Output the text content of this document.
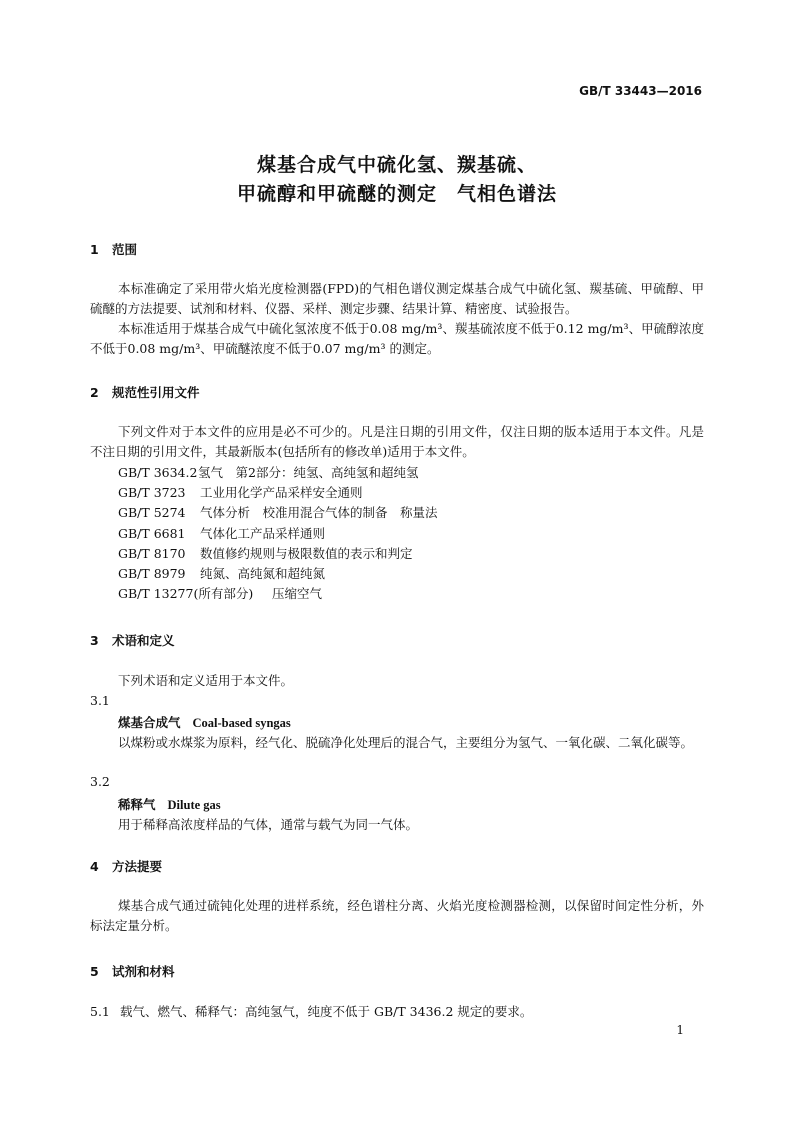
GB/T 33443—2016
煤基合成气中硫化氢、羰基硫、
甲硫醇和甲硫醚的测定　气相色谱法
1 范围

本标准确定了采用带火焰光度检测器(FPD)的气相色谱仪测定煤基合成气中硫化氢、羰基硫、甲硫醇、甲硫醚的方法提要、试剂和材料、仪器、采样、测定步骤、结果计算、精密度、试验报告。

本标准适用于煤基合成气中硫化氢浓度不低于0.08 mg/m³、羰基硫浓度不低于0.12 mg/m³、甲硫醇浓度不低于0.08 mg/m³、甲硫醚浓度不低于0.07 mg/m³ 的测定。

2 规范性引用文件

下列文件对于本文件的应用是必不可少的。凡是注日期的引用文件，仅注日期的版本适用于本文件。凡是不注日期的引用文件，其最新版本(包括所有的修改单)适用于本文件。

GB/T 3634.2氢气　第2部分：纯氢、高纯氢和超纯氢
GB/T 3723 工业用化学产品采样安全通则
GB/T 5274 气体分析　校准用混合气体的制备　称量法
GB/T 6681 气体化工产品采样通则
GB/T 8170 数值修约规则与极限数值的表示和判定
GB/T 8979 纯氮、高纯氮和超纯氮
GB/T 13277(所有部分) 压缩空气
3 术语和定义
下列术语和定义适用于本文件。
3.1
煤基合成气 Coal-based syngas

以煤粉或水煤浆为原料，经气化、脱硫净化处理后的混合气，主要组分为氢气、一氧化碳、二氧化碳等。

3.2
稀释气 Dilute gas

用于稀释高浓度样品的气体，通常与载气为同一气体。

4 方法提要

煤基合成气通过硫钝化处理的进样系统，经色谱柱分离、火焰光度检测器检测，以保留时间定性分析，外标法定量分析。

5 试剂和材料
5.1 载气、燃气、稀释气：高纯氢气，纯度不低于 GB/T 3436.2 规定的要求。
1
